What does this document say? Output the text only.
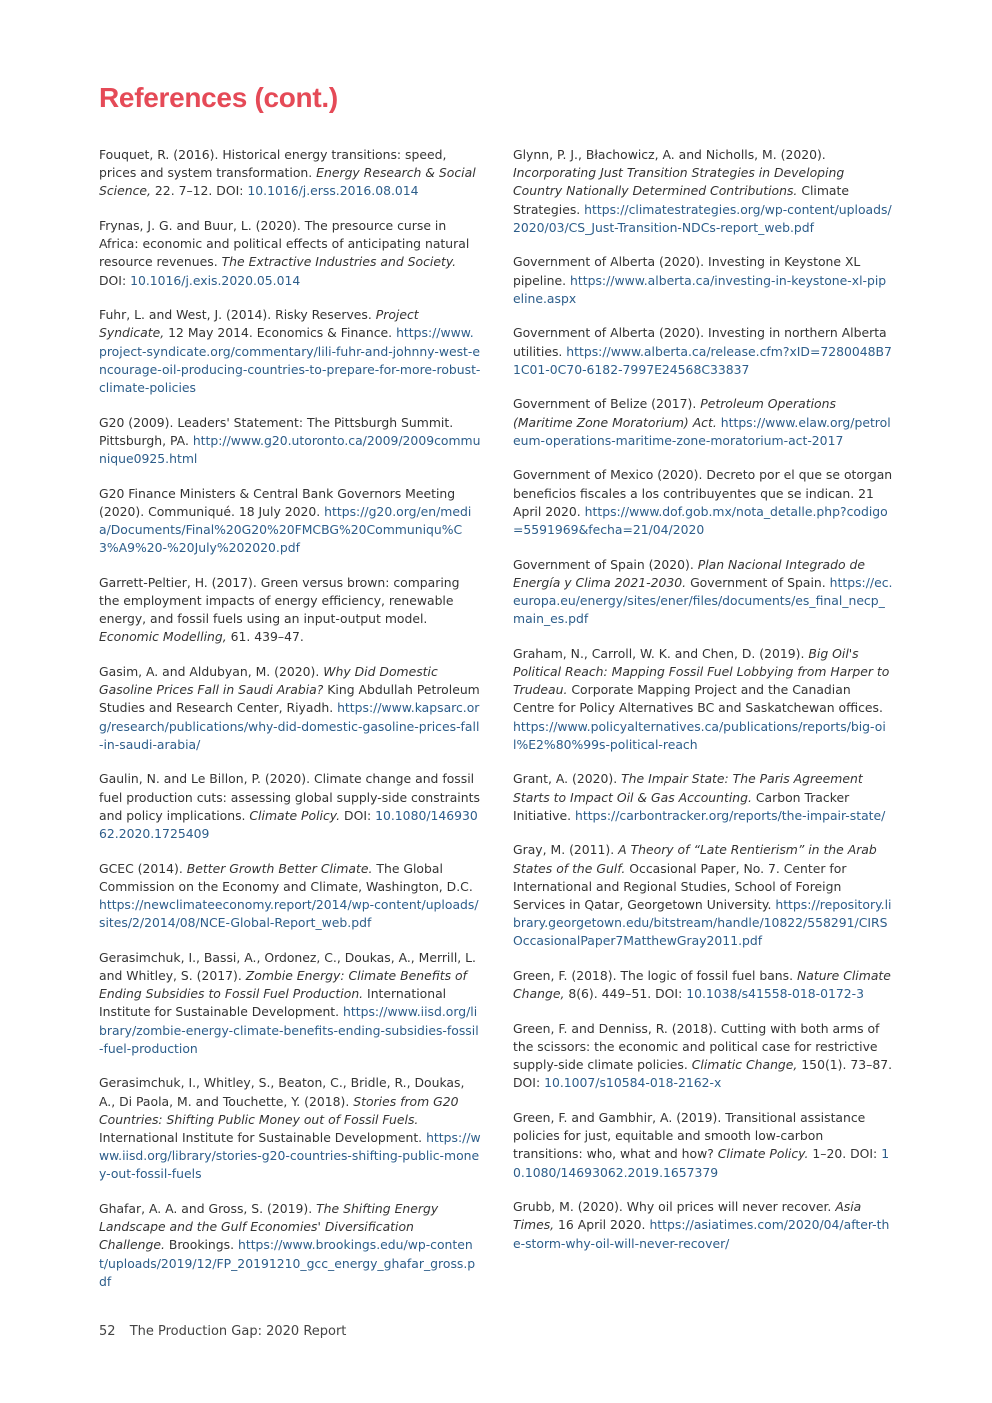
References (cont.)

Fouquet, R. (2016). Historical energy transitions: speed, prices and system transformation. Energy Research & Social Science, 22. 7–12. DOI: 10.1016/j.erss.2016.08.014

Frynas, J. G. and Buur, L. (2020). The presource curse in Africa: economic and political effects of anticipating natural resource revenues. The Extractive Industries and Society. DOI: 10.1016/j.exis.2020.05.014

Fuhr, L. and West, J. (2014). Risky Reserves. Project Syndicate, 12 May 2014. Economics & Finance. https://www.project-syndicate.org/commentary/lili-fuhr-and-johnny-west-encourage-oil-producing-countries-to-prepare-for-more-robust-climate-policies

G20 (2009). Leaders' Statement: The Pittsburgh Summit. Pittsburgh, PA. http://www.g20.utoronto.ca/2009/2009communique0925.html

G20 Finance Ministers & Central Bank Governors Meeting (2020). Communiqué. 18 July 2020. https://g20.org/en/media/Documents/Final%20G20%20FMCBG%20Communiqu%C3%A9%20-%20July%202020.pdf

Garrett-Peltier, H. (2017). Green versus brown: comparing the employment impacts of energy efficiency, renewable energy, and fossil fuels using an input-output model. Economic Modelling, 61. 439–47.

Gasim, A. and Aldubyan, M. (2020). Why Did Domestic Gasoline Prices Fall in Saudi Arabia? King Abdullah Petroleum Studies and Research Center, Riyadh. https://www.kapsarc.org/research/publications/why-did-domestic-gasoline-prices-fall-in-saudi-arabia/

Gaulin, N. and Le Billon, P. (2020). Climate change and fossil fuel production cuts: assessing global supply-side constraints and policy implications. Climate Policy. DOI: 10.1080/14693062.2020.1725409

GCEC (2014). Better Growth Better Climate. The Global Commission on the Economy and Climate, Washington, D.C. https://newclimateeconomy.report/2014/wp-content/uploads/sites/2/2014/08/NCE-Global-Report_web.pdf

Gerasimchuk, I., Bassi, A., Ordonez, C., Doukas, A., Merrill, L. and Whitley, S. (2017). Zombie Energy: Climate Benefits of Ending Subsidies to Fossil Fuel Production. International Institute for Sustainable Development. https://www.iisd.org/library/zombie-energy-climate-benefits-ending-subsidies-fossil-fuel-production

Gerasimchuk, I., Whitley, S., Beaton, C., Bridle, R., Doukas, A., Di Paola, M. and Touchette, Y. (2018). Stories from G20 Countries: Shifting Public Money out of Fossil Fuels. International Institute for Sustainable Development. https://www.iisd.org/library/stories-g20-countries-shifting-public-money-out-fossil-fuels

Ghafar, A. A. and Gross, S. (2019). The Shifting Energy Landscape and the Gulf Economies' Diversification Challenge. Brookings. https://www.brookings.edu/wp-content/uploads/2019/12/FP_20191210_gcc_energy_ghafar_gross.pdf

Glynn, P. J., Błachowicz, A. and Nicholls, M. (2020). Incorporating Just Transition Strategies in Developing Country Nationally Determined Contributions. Climate Strategies. https://climatestrategies.org/wp-content/uploads/2020/03/CS_Just-Transition-NDCs-report_web.pdf

Government of Alberta (2020). Investing in Keystone XL pipeline. https://www.alberta.ca/investing-in-keystone-xl-pipeline.aspx

Government of Alberta (2020). Investing in northern Alberta utilities. https://www.alberta.ca/release.cfm?xID=7280048B71C01-0C70-6182-7997E24568C33837

Government of Belize (2017). Petroleum Operations (Maritime Zone Moratorium) Act. https://www.elaw.org/petroleum-operations-maritime-zone-moratorium-act-2017

Government of Mexico (2020). Decreto por el que se otorgan beneficios fiscales a los contribuyentes que se indican. 21 April 2020. https://www.dof.gob.mx/nota_detalle.php?codigo=5591969&fecha=21/04/2020

Government of Spain (2020). Plan Nacional Integrado de Energía y Clima 2021-2030. Government of Spain. https://ec.europa.eu/energy/sites/ener/files/documents/es_final_necp_main_es.pdf

Graham, N., Carroll, W. K. and Chen, D. (2019). Big Oil's Political Reach: Mapping Fossil Fuel Lobbying from Harper to Trudeau. Corporate Mapping Project and the Canadian Centre for Policy Alternatives BC and Saskatchewan offices. https://www.policyalternatives.ca/publications/reports/big-oil%E2%80%99s-political-reach

Grant, A. (2020). The Impair State: The Paris Agreement Starts to Impact Oil & Gas Accounting. Carbon Tracker Initiative. https://carbontracker.org/reports/the-impair-state/

Gray, M. (2011). A Theory of “Late Rentierism” in the Arab States of the Gulf. Occasional Paper, No. 7. Center for International and Regional Studies, School of Foreign Services in Qatar, Georgetown University. https://repository.library.georgetown.edu/bitstream/handle/10822/558291/CIRSOccasionalPaper7MatthewGray2011.pdf

Green, F. (2018). The logic of fossil fuel bans. Nature Climate Change, 8(6). 449–51. DOI: 10.1038/s41558-018-0172-3

Green, F. and Denniss, R. (2018). Cutting with both arms of the scissors: the economic and political case for restrictive supply-side climate policies. Climatic Change, 150(1). 73–87. DOI: 10.1007/s10584-018-2162-x

Green, F. and Gambhir, A. (2019). Transitional assistance policies for just, equitable and smooth low-carbon transitions: who, what and how? Climate Policy. 1–20. DOI: 10.1080/14693062.2019.1657379

Grubb, M. (2020). Why oil prices will never recover. Asia Times, 16 April 2020. https://asiatimes.com/2020/04/after-the-storm-why-oil-will-never-recover/

52 The Production Gap: 2020 Report
